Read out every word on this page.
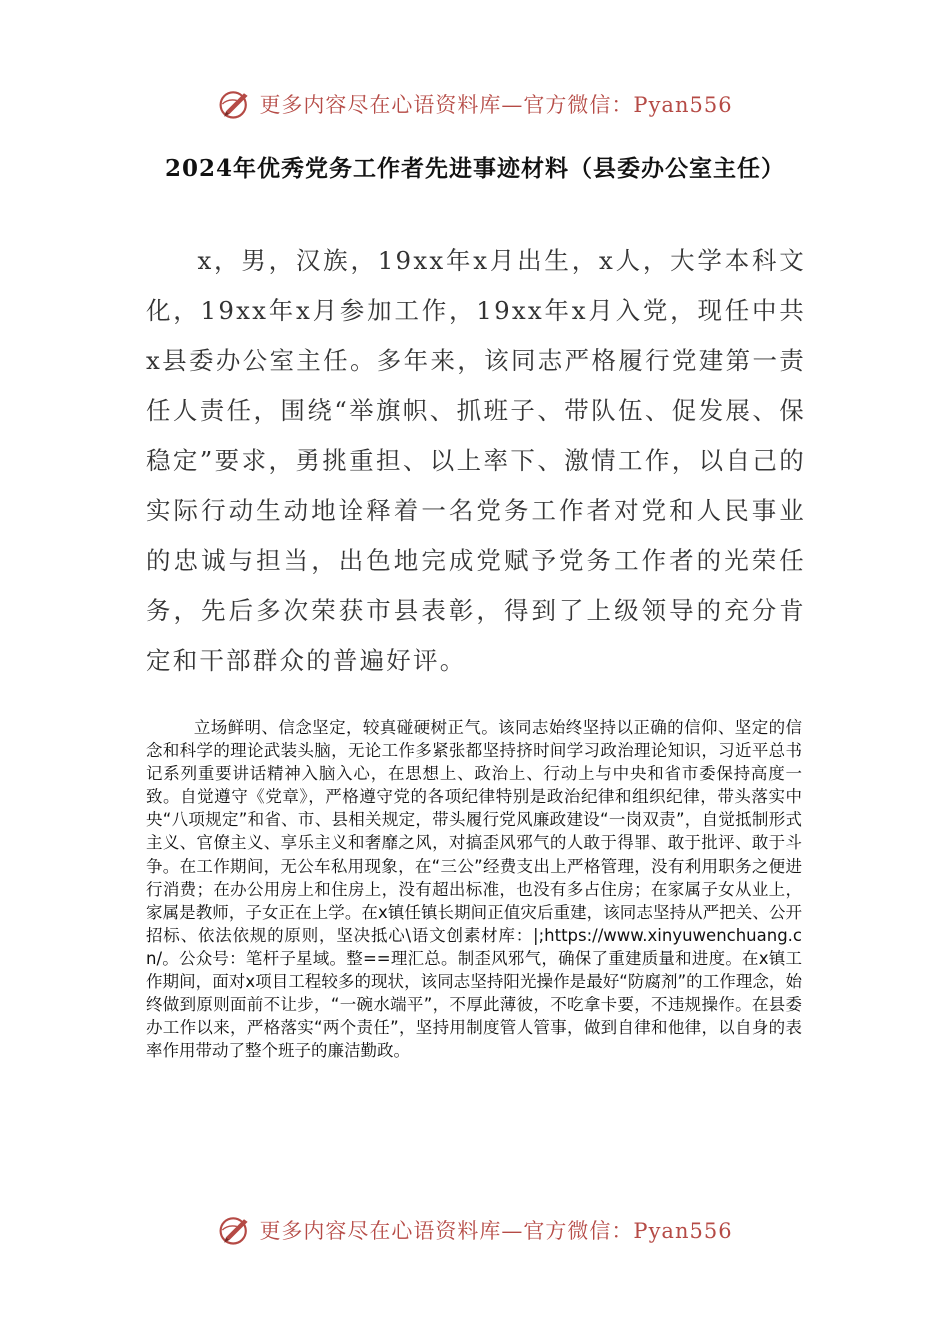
更多内容尽在心语资料库—官方微信：Pyan556
2024年优秀党务工作者先进事迹材料（县委办公室主任）

x，男，汉族，19xx年x月出生，x人，大学本科文化，19xx年x月参加工作，19xx年x月入党，现任中共x县委办公室主任。多年来，该同志严格履行党建第一责任人责任，围绕“举旗帜、抓班子、带队伍、促发展、保稳定”要求，勇挑重担、以上率下、激情工作，以自己的实际行动生动地诠释着一名党务工作者对党和人民事业的忠诚与担当，出色地完成党赋予党务工作者的光荣任务，先后多次荣获市县表彰，得到了上级领导的充分肯定和干部群众的普遍好评。

立场鲜明、信念坚定，较真碰硬树正气。该同志始终坚持以正确的信仰、坚定的信念和科学的理论武装头脑，无论工作多紧张都坚持挤时间学习政治理论知识，习近平总书记系列重要讲话精神入脑入心，在思想上、政治上、行动上与中央和省市委保持高度一致。自觉遵守《党章》，严格遵守党的各项纪律特别是政治纪律和组织纪律，带头落实中央“八项规定”和省、市、县相关规定，带头履行党风廉政建设“一岗双责”，自觉抵制形式主义、官僚主义、享乐主义和奢靡之风，对搞歪风邪气的人敢于得罪、敢于批评、敢于斗争。在工作期间，无公车私用现象，在“三公”经费支出上严格管理，没有利用职务之便进行消费；在办公用房上和住房上，没有超出标准，也没有多占住房；在家属子女从业上，家属是教师，子女正在上学。在x镇任镇长期间正值灾后重建，该同志坚持从严把关、公开招标、依法依规的原则，坚决抵心\语文创素材库：|;https://www.xinyuwenchuang.cn/。公众号：笔杆子星域。整==理汇总。制歪风邪气，确保了重建质量和进度。在x镇工作期间，面对x项目工程较多的现状，该同志坚持阳光操作是最好“防腐剂”的工作理念，始终做到原则面前不让步，“一碗水端平”，不厚此薄彼，不吃拿卡要，不违规操作。在县委办工作以来，严格落实“两个责任”，坚持用制度管人管事，做到自律和他律，以自身的表率作用带动了整个班子的廉洁勤政。

更多内容尽在心语资料库—官方微信：Pyan556
